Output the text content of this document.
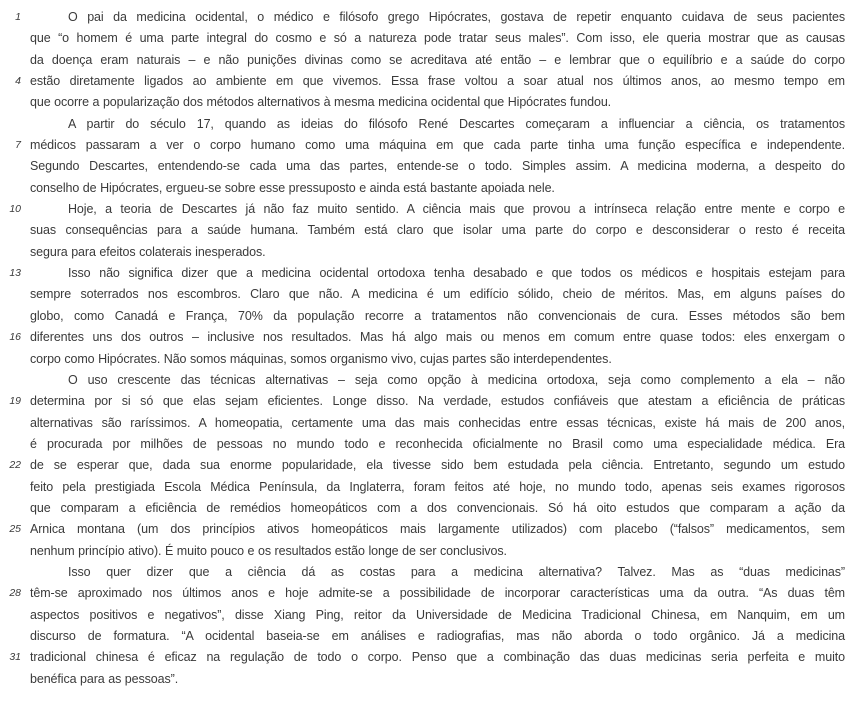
1	O pai da medicina ocidental, o médico e filósofo grego Hipócrates, gostava de repetir enquanto cuidava de seus pacientes
que “o homem é uma parte integral do cosmo e só a natureza pode tratar seus males”. Com isso, ele queria mostrar que as causas
da doença eram naturais – e não punições divinas como se acreditava até então – e lembrar que o equilíbrio e a saúde do corpo
4 estão diretamente ligados ao ambiente em que vivemos. Essa frase voltou a soar atual nos últimos anos, ao mesmo tempo em
que ocorre a popularização dos métodos alternativos à mesma medicina ocidental que Hipócrates fundou.
A partir do século 17, quando as ideias do filósofo René Descartes começaram a influenciar a ciência, os tratamentos
7 médicos passaram a ver o corpo humano como uma máquina em que cada parte tinha uma função específica e independente.
Segundo Descartes, entendendo-se cada uma das partes, entende-se o todo. Simples assim. A medicina moderna, a despeito do
conselho de Hipócrates, ergueu-se sobre esse pressuposto e ainda está bastante apoiada nele.
10	Hoje, a teoria de Descartes já não faz muito sentido. A ciência mais que provou a intrínseca relação entre mente e corpo e
suas consequências para a saúde humana. Também está claro que isolar uma parte do corpo e desconsiderar o resto é receita
segura para efeitos colaterais inesperados.
13	Isso não significa dizer que a medicina ocidental ortodoxa tenha desabado e que todos os médicos e hospitais estejam para
sempre soterrados nos escombros. Claro que não. A medicina é um edifício sólido, cheio de méritos. Mas, em alguns países do
globo, como Canadá e França, 70% da população recorre a tratamentos não convencionais de cura. Esses métodos são bem
16 diferentes uns dos outros – inclusive nos resultados. Mas há algo mais ou menos em comum entre quase todos: eles enxergam o
corpo como Hipócrates. Não somos máquinas, somos organismo vivo, cujas partes são interdependentes.
O uso crescente das técnicas alternativas – seja como opção à medicina ortodoxa, seja como complemento a ela – não
19 determina por si só que elas sejam eficientes. Longe disso. Na verdade, estudos confiáveis que atestam a eficiência de práticas
alternativas são raríssimos. A homeopatia, certamente uma das mais conhecidas entre essas técnicas, existe há mais de 200 anos,
é procurada por milhões de pessoas no mundo todo e reconhecida oficialmente no Brasil como uma especialidade médica. Era
22 de se esperar que, dada sua enorme popularidade, ela tivesse sido bem estudada pela ciência. Entretanto, segundo um estudo
feito pela prestigiada Escola Médica Península, da Inglaterra, foram feitos até hoje, no mundo todo, apenas seis exames rigorosos
que comparam a eficiência de remédios homeopáticos com a dos convencionais. Só há oito estudos que comparam a ação da
25 Arnica montana (um dos princípios ativos homeopáticos mais largamente utilizados) com placebo (“falsos” medicamentos, sem
nenhum princípio ativo). É muito pouco e os resultados estão longe de ser conclusivos.
Isso quer dizer que a ciência dá as costas para a medicina alternativa? Talvez. Mas as “duas medicinas”
28 têm-se aproximado nos últimos anos e hoje admite-se a possibilidade de incorporar características uma da outra. “As duas têm
aspectos positivos e negativos”, disse Xiang Ping, reitor da Universidade de Medicina Tradicional Chinesa, em Nanquim, em um
discurso de formatura. “A ocidental baseia-se em análises e radiografias, mas não aborda o todo orgânico. Já a medicina
31 tradicional chinesa é eficaz na regulação de todo o corpo. Penso que a combinação das duas medicinas seria perfeita e muito
benéfica para as pessoas”.
